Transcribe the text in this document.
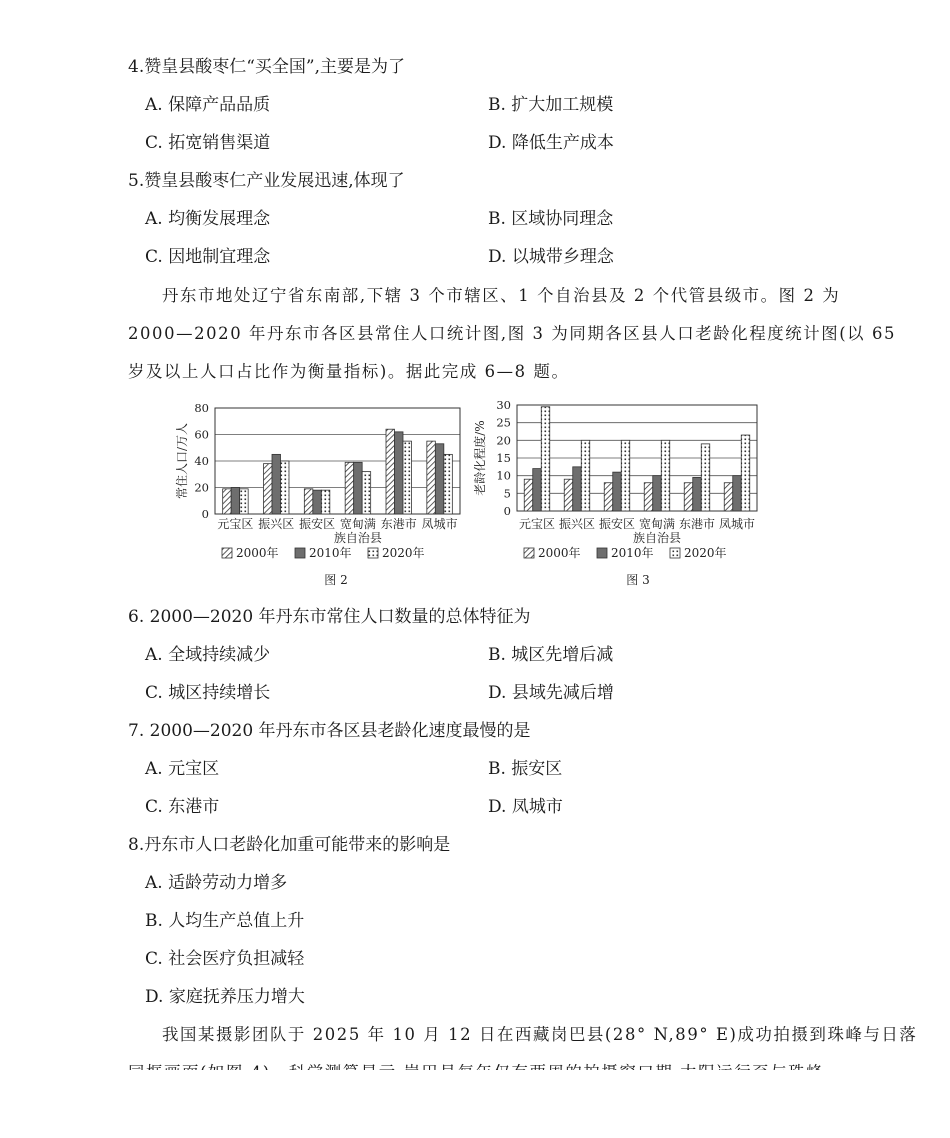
4.赞皇县酸枣仁“买全国”,主要是为了
A. 保障产品品质	B. 扩大加工规模
C. 拓宽销售渠道	D. 降低生产成本
5.赞皇县酸枣仁产业发展迅速,体现了
A. 均衡发展理念	B. 区域协同理念
C. 因地制宜理念	D. 以城带乡理念
丹东市地处辽宁省东南部,下辖 3 个市辖区、1 个自治县及 2 个代管县级市。图 2 为
2000—2020 年丹东市各区县常住人口统计图,图 3 为同期各区县人口老龄化程度统计图(以 65
岁及以上人口占比作为衡量指标)。据此完成 6—8 题。
0
20
40
60
80
元宝区 振兴区 振安区 宽甸满 东港市 凤城市
族自治县
常住人口/万人
2000年	2010年	2020年
图 2
0
5
10
15
20
25
30
元宝区 振兴区 振安区 宽甸满 东港市 凤城市
族自治县
老龄化程度/%
2000年	2010年	2020年
图 3
6. 2000—2020 年丹东市常住人口数量的总体特征为
A. 全域持续减少	B. 城区先增后减
C. 城区持续增长	D. 县域先减后增
7. 2000—2020 年丹东市各区县老龄化速度最慢的是
A. 元宝区	B. 振安区
C. 东港市	D. 凤城市
8.丹东市人口老龄化加重可能带来的影响是
A. 适龄劳动力增多
B. 人均生产总值上升
C. 社会医疗负担减轻
D. 家庭抚养压力增大
我国某摄影团队于 2025 年 10 月 12 日在西藏岗巴县(28° N,89° E)成功拍摄到珠峰与日落
